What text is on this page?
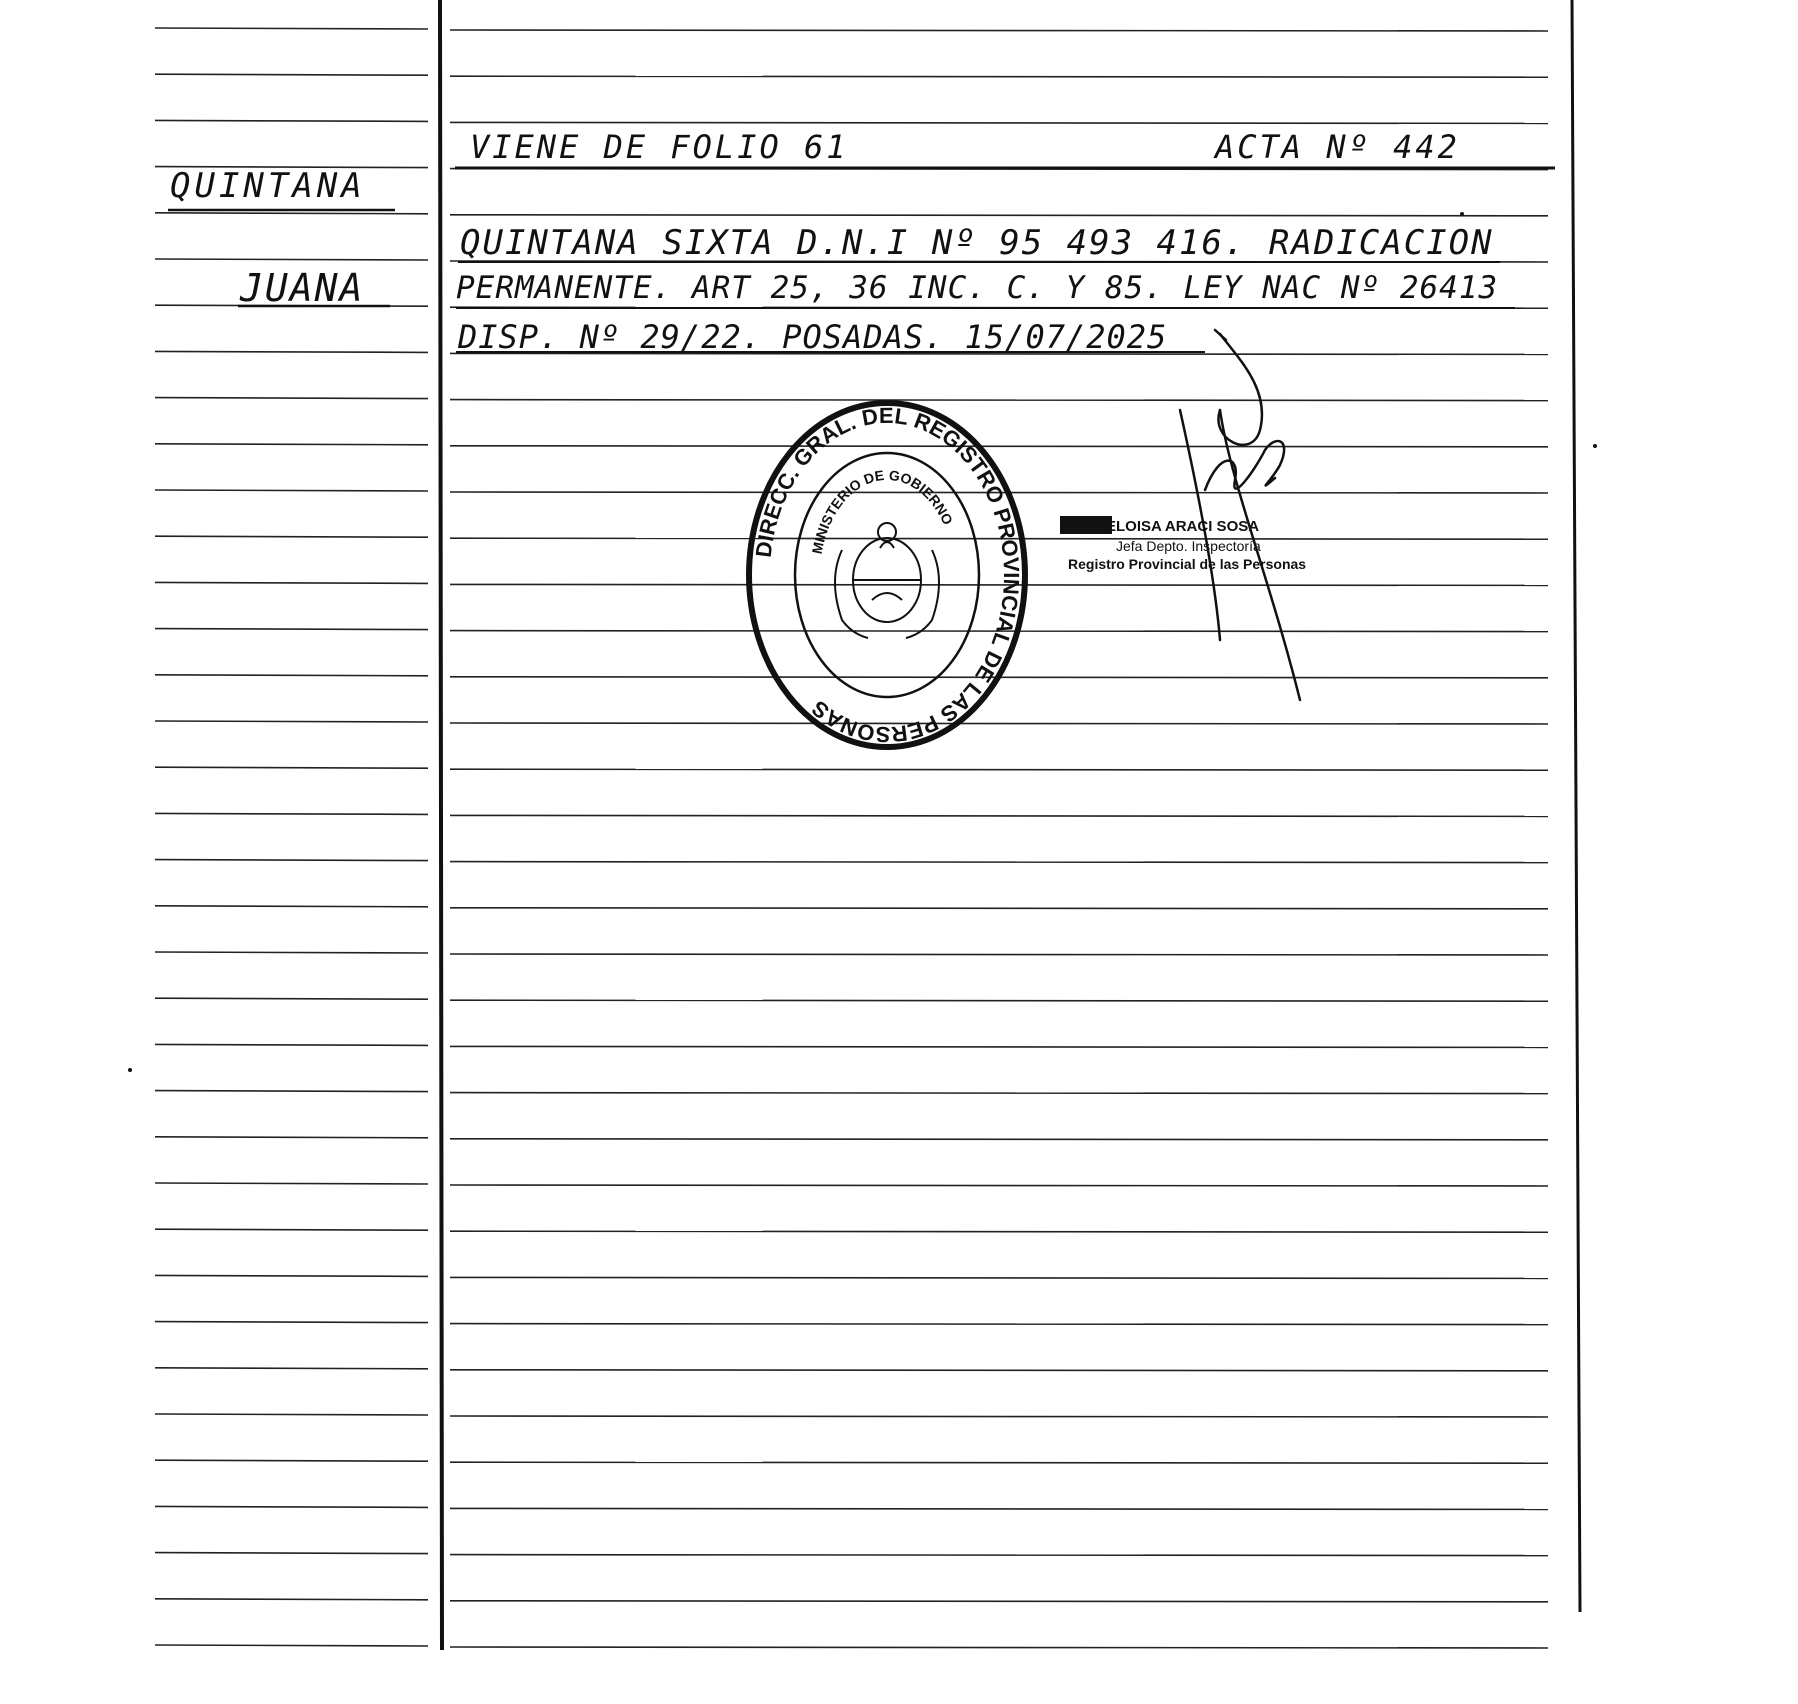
QUINTANA
JUANA
VIENE DE FOLIO 61	ACTA Nº 442
QUINTANA SIXTA D.N.I Nº 95 493 416. RADICACION
PERMANENTE. ART 25, 36 INC. C. Y 85. LEY NAC Nº 26413
DISP. Nº 29/22. POSADAS. 15/07/2025
DIRECC. GRAL. DEL REGISTRO PROVINCIAL DE LAS PERSONAS
MINISTERIO DE GOBIERNO	ELOISA ARACI SOSA
Jefa Depto. Inspectoría
Registro Provincial de las Personas
